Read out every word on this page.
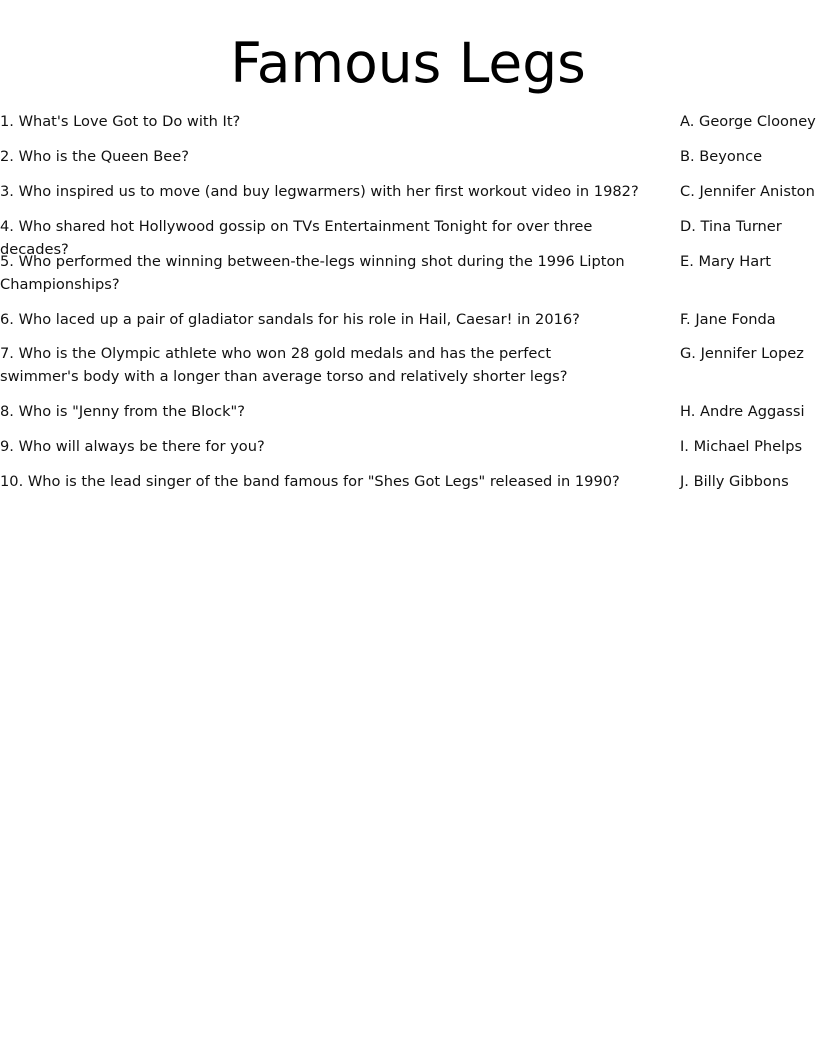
Famous Legs
1. What's Love Got to Do with It?
2. Who is the Queen Bee?
3. Who inspired us to move (and buy legwarmers) with her first workout video in 1982?
4. Who shared hot Hollywood gossip on TVs Entertainment Tonight for over three decades?
5. Who performed the winning between-the-legs winning shot during the 1996 Lipton Championships?
6. Who laced up a pair of gladiator sandals for his role in Hail, Caesar! in 2016?
7. Who is the Olympic athlete who won 28 gold medals and has the perfect swimmer's body with a longer than average torso and relatively shorter legs?
8. Who is "Jenny from the Block"?
9. Who will always be there for you?
10. Who is the lead singer of the band famous for "Shes Got Legs" released in 1990?
A. George Clooney
B. Beyonce
C. Jennifer Aniston
D. Tina Turner
E. Mary Hart
F. Jane Fonda
G. Jennifer Lopez
H. Andre Aggassi
I. Michael Phelps
J. Billy Gibbons
